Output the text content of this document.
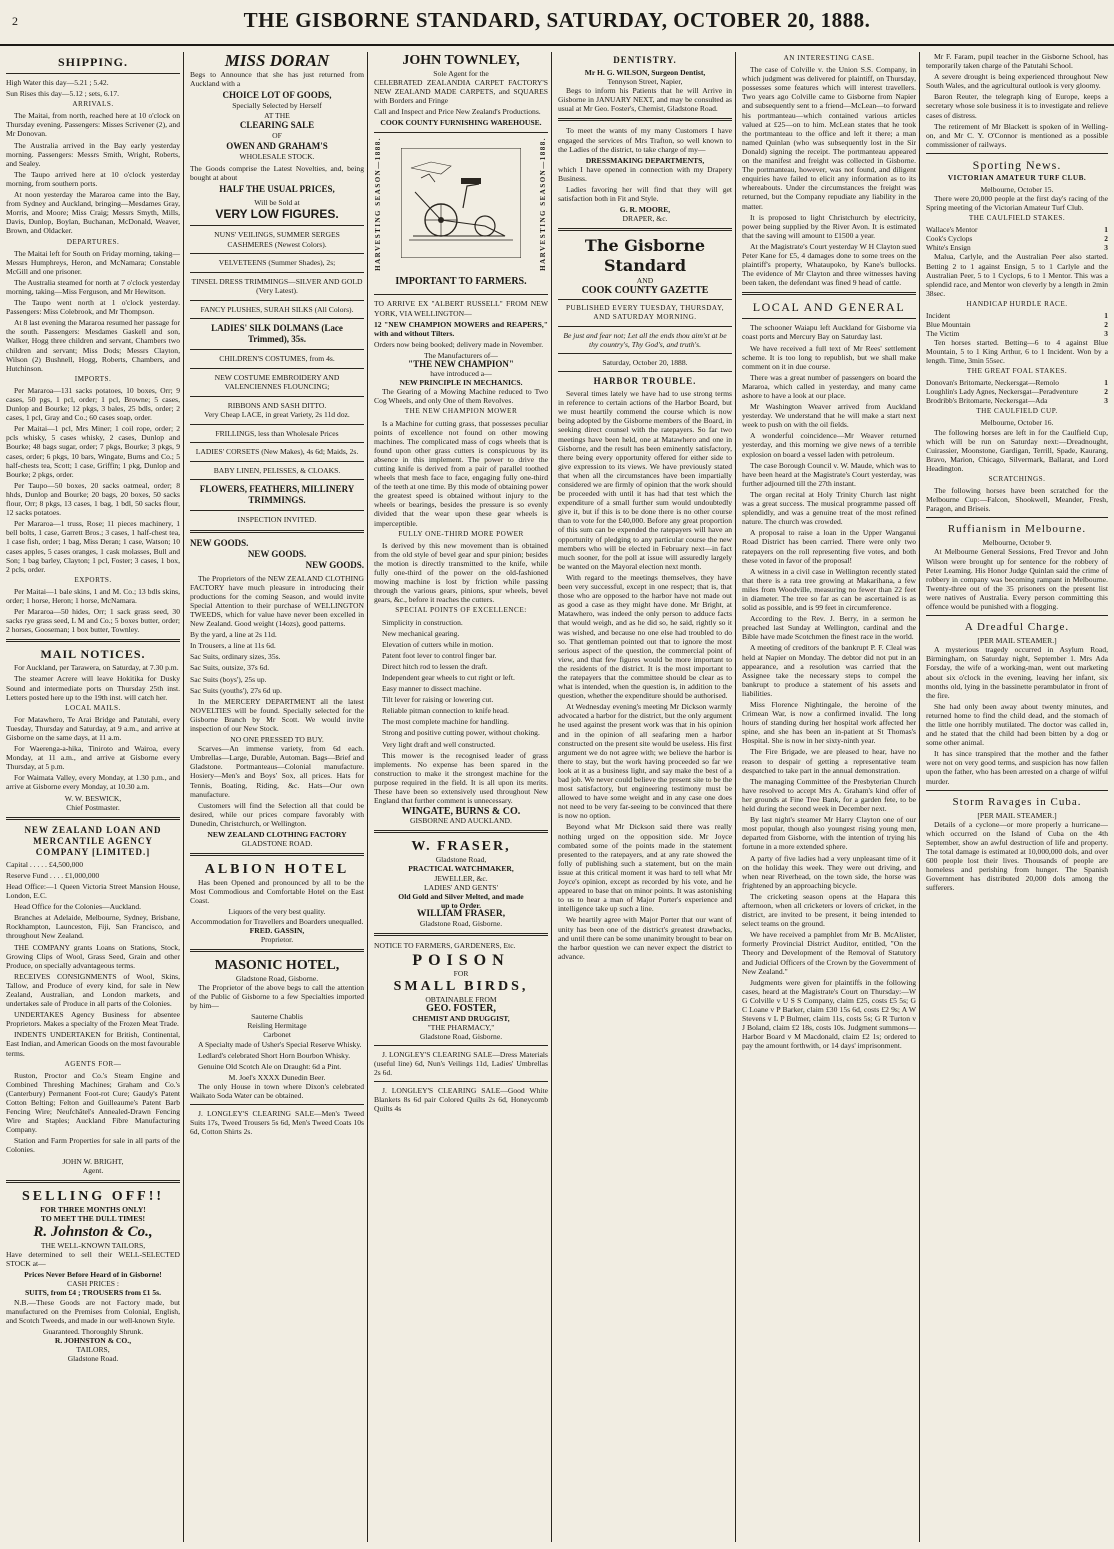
2	THE GISBORNE STANDARD, SATURDAY, OCTOBER 20, 1888.
SHIPPING.

High Water this day—5.21 ; 5.42.

Sun Rises this day—5.12 ; sets, 6.17.

ARRIVALS.

The Maitai, from north, reached here at 10 o'clock on Thursday evening. Passengers: Misses Scrivener (2), and Mr Donovan.

The Australia arrived in the Bay early yesterday morning. Passengers: Messrs Smith, Wright, Roberts, and Sealey.

The Taupo arrived here at 10 o'clock yesterday morning, from southern ports.

At noon yesterday the Mararoa came into the Bay, from Sydney and Auckland, bringing—Mesdames Gray, Morris, and Moore; Miss Craig; Messrs Smyth, Mills, Davis, Dunlop, Boylan, Buchanan, McDonald, Weaver, Brown, and Oldacker.

DEPARTURES.

The Maitai left for South on Friday morning, taking—Messrs Humphreys, Heron, and McNamara; Constable McGill and one prisoner.

The Australia steamed for north at 7 o'clock yesterday morning, taking—Miss Ferguson, and Mr Hewitson.

The Taupo went north at 1 o'clock yesterday. Passengers: Miss Colebrook, and Mr Thompson.

At 8 last evening the Mararoa resumed her passage for the south. Passengers: Mesdames Gaskell and son, Walker, Hogg three children and servant, Chambers two children and servant; Miss Dods; Messrs Clayton, Wilson (2) Bushnell, Hogg, Roberts, Chambers, and Hutchinson.

IMPORTS.

Per Mararoa—131 sacks potatoes, 10 boxes, Orr; 9 cases, 50 pgs, 1 pcl, order; 1 pcl, Browne; 5 cases, Dunlop and Bourke; 12 pkgs, 3 bales, 25 bdls, order; 2 cases, 1 pcl, Gray and Co.; 60 cases soap, order.

Per Maitai—1 pcl, Mrs Miner; 1 coil rope, order; 2 pcls whisky, 5 cases whisky, 2 cases, Dunlop and Bourke; 48 bags sugar, order; 7 pkgs, Bourke; 3 pkgs, 9 cases, order; 6 pkgs, 10 bars, Wingate, Burns and Co.; 5 half-chests tea, Scott; 1 case, Griffin; 1 pkg, Dunlop and Bourke; 2 pkgs, order.

Per Taupo—50 boxes, 20 sacks oatmeal, order; 8 hhds, Dunlop and Bourke; 20 bags, 20 boxes, 50 sacks flour, Orr; 8 pkgs, 13 cases, 1 bag, 1 bdl, 50 sacks flour, 12 sacks potatoes.

Per Mararoa—1 truss, Rose; 11 pieces machinery, 1 bell bolts, 1 case, Garrett Bros.; 3 cases, 1 half-chest tea, 1 case fish, order; 1 bag, Miss Deran; 1 case, Watson; 10 cases apples, 5 cases oranges, 1 cask molasses, Bull and Son; 1 bag barley, Clayton; 1 pcl, Foster; 3 cases, 1 box, 2 pcls, order.

EXPORTS.

Per Maitai—1 bale skins, 1 and M. Co.; 13 bdls skins, order; 1 horse, Heron; 1 horse, McNamara.

Per Mararoa—50 hides, Orr; 1 sack grass seed, 30 sacks rye grass seed, L M and Co.; 5 boxes butter, order; 2 horses, Gooseman; 1 box butter, Townley.

MAIL NOTICES.

For Auckland, per Tarawera, on Saturday, at 7.30 p.m.

The steamer Acrere will leave Hokitika for Dusky Sound and intermediate ports on Thursday 25th inst. Letters posted here up to the 19th inst. will catch her.

LOCAL MAILS.

For Matawhero, Te Arai Bridge and Patutahi, every Tuesday, Thursday and Saturday, at 9 a.m., and arrive at Gisborne on the same days, at 11 a.m.

For Waerenga-a-hika, Tiniroto and Wairoa, every Monday, at 11 a.m., and arrive at Gisborne every Thursday, at 5 p.m.

For Waimata Valley, every Monday, at 1.30 p.m., and arrive at Gisborne every Monday, at 10.30 a.m.

W. W. BESWICK,
Chief Postmaster.
NEW ZEALAND LOAN AND MERCANTILE AGENCY COMPANY [LIMITED.]

Capital . . . . . £4,500,000

Reserve Fund . . . . £1,000,000

Head Office:—1 Queen Victoria Street Mansion House, London, E.C.

Head Office for the Colonies—Auckland.

Branches at Adelaide, Melbourne, Sydney, Brisbane, Rockhampton, Launceston, Fiji, San Francisco, and throughout New Zealand.

THE COMPANY grants Loans on Stations, Stock, Growing Clips of Wool, Grass Seed, Grain and other Produce, on specially advantageous terms.

RECEIVES CONSIGNMENTS of Wool, Skins, Tallow, and Produce of every kind, for sale in New Zealand, Australian, and London markets, and undertakes sale of Produce in all parts of the Colonies.

UNDERTAKES Agency Business for absentee Proprietors. Makes a specialty of the Frozen Meat Trade.

INDENTS UNDERTAKEN for British, Continental, East Indian, and American Goods on the most favourable terms.

AGENTS FOR—

Ruston, Proctor and Co.'s Steam Engine and Combined Threshing Machines; Graham and Co.'s (Canterbury) Permanent Foot-rot Cure; Gaudy's Patent Cotton Belting; Felton and Guilleaume's Patent Barb Fencing Wire; Neufchâtel's Annealed-Drawn Fencing Wire and Staples; Auckland Fibre Manufacturing Company.

Station and Farm Properties for sale in all parts of the Colonies.

JOHN W. BRIGHT,
Agent.
SELLING OFF!!
FOR THREE MONTHS ONLY!
TO MEET THE DULL TIMES!
R. Johnston & Co.,
THE WELL-KNOWN TAILORS,

Have determined to sell their WELL-SELECTED STOCK at—

Prices Never Before Heard of in Gisborne!
CASH PRICES :
SUITS, from £4 ; TROUSERS from £1 5s.

N.B.—These Goods are not Factory made, but manufactured on the Premises from Colonial, English, and Scotch Tweeds, and made in our well-known Style.

Guaranteed. Thoroughly Shrunk.
R. JOHNSTON & CO.,
TAILORS,
Gladstone Road.
MISS DORAN

Begs to Announce that she has just returned from Auckland with a

CHOICE LOT OF GOODS,
Specially Selected by Herself
AT THE
CLEARING SALE
OF
OWEN AND GRAHAM'S
WHOLESALE STOCK.

The Goods comprise the Latest Novelties, and, being bought at about

HALF THE USUAL PRICES,
Will be Sold at
VERY LOW FIGURES.
NUNS' VEILINGS, SUMMER SERGES
CASHMERES (Newest Colors).
VELVETEENS (Summer Shades), 2s;
TINSEL DRESS TRIMMINGS—SILVER AND GOLD (Very Latest).
FANCY PLUSHES, SURAH SILKS (All Colors).
LADIES' SILK DOLMANS (Lace Trimmed), 35s.
CHILDREN'S COSTUMES, from 4s.
NEW COSTUME EMBROIDERY AND VALENCIENNES FLOUNCING;
RIBBONS AND SASH DITTO.
Very Cheap LACE, in great Variety, 2s 11d doz.
FRILLINGS, less than Wholesale Prices
LADIES' CORSETS (New Makes), 4s 6d; Maids, 2s.
BABY LINEN, PELISSES, & CLOAKS.
FLOWERS, FEATHERS, MILLINERY TRIMMINGS.
INSPECTION INVITED.
NEW GOODS.
NEW GOODS.
NEW GOODS.

The Proprietors of the NEW ZEALAND CLOTHING FACTORY have much pleasure in introducing their productions for the coming Season, and would invite Special Attention to their purchase of WELLINGTON TWEEDS, which for value have never been excelled in New Zealand. Good weight (14ozs), good patterns.

By the yard, a line at 2s 11d.

In Trousers, a line at 11s 6d.

Sac Suits, ordinary sizes, 35s.

Sac Suits, outsize, 37s 6d.

Sac Suits (boys'), 25s up.

Sac Suits (youths'), 27s 6d up.

In the MERCERY DEPARTMENT all the latest NOVELTIES will be found. Specially selected for the Gisborne Branch by Mr Scott. We would invite inspection of our New Stock.

NO ONE PRESSED TO BUY.

Scarves—An immense variety, from 6d each. Umbrellas—Large, Durable, Automan. Bags—Brief and Gladstone. Portmanteaus—Colonial manufacture. Hosiery—Men's and Boys' Sox, all prices. Hats for Tennis, Boating, Riding, &c. Hats—Our own manufacture.

Customers will find the Selection all that could be desired, while our prices compare favorably with Dunedin, Christchurch, or Wellington.

NEW ZEALAND CLOTHING FACTORY
GLADSTONE ROAD.
ALBION HOTEL

Has been Opened and pronounced by all to be the Most Commodious and Comfortable Hotel on the East Coast.

Liquors of the very best quality.
Accommodation for Travellers and Boarders unequalled.
FRED. GASSIN,
Proprietor.
MASONIC HOTEL,
Gladstone Road, Gisborne.

The Proprietor of the above begs to call the attention of the Public of Gisborne to a few Specialties imported by him—

Sauterne Chablis
Reisling Hermitage
Carbonet

A Specialty made of Usher's Special Reserve Whisky.

Ledlard's celebrated Short Horn Bourbon Whisky.

Genuine Old Scotch Ale on Draught: 6d a Pint.

M. Joel's XXXX Dunedin Beer.

The only House in town where Dixon's celebrated Waikato Soda Water can be obtained.

J. LONGLEY'S CLEARING SALE—Men's Tweed Suits 17s, Tweed Trousers 5s 6d, Men's Tweed Coats 10s 6d, Cotton Shirts 2s.

JOHN TOWNLEY,
Sole Agent for the

CELEBRATED ZEALANDIA CARPET FACTORY'S NEW ZEALAND MADE CARPETS, and SQUARES with Borders and Fringe

Call and Inspect and Price New Zealand's Productions.

COOK COUNTY FURNISHING WAREHOUSE.
HARVESTING SEASON—1888.	HARVESTING SEASON—1888.
IMPORTANT TO FARMERS.

TO ARRIVE EX "ALBERT RUSSELL" FROM NEW YORK, VIA WELLINGTON—

12 "NEW CHAMPION MOWERS and REAPERS," with and without Tilters.

Orders now being booked; delivery made in November.

The Manufacturers of—
"THE NEW CHAMPION"
have introduced a—
NEW PRINCIPLE IN MECHANICS.

The Gearing of a Mowing Machine reduced to Two Cog Wheels, and only One of them Revolves.

THE NEW CHAMPION MOWER

Is a Machine for cutting grass, that possesses peculiar points of excellence not found on other mowing machines. The complicated mass of cogs wheels that is found upon other grass cutters is conspicuous by its absence in this implement. The power to drive the cutting knife is derived from a pair of parallel toothed wheels that mesh face to face, engaging fully one-third of the teeth at one time. By this mode of obtaining power the greatest speed is obtained without injury to the wheels or bearings, besides the pressure is so evenly divided that the wear upon these gear wheels is imperceptible.

FULLY ONE-THIRD MORE POWER

Is derived by this new movement than is obtained from the old style of bevel gear and spur pinion; besides the motion is directly transmitted to the knife, while fully one-third of the power on the old-fashioned mowing machine is lost by friction while passing through the various gears, pinions, spur wheels, bevel gears, &c., before it reaches the cutters.

SPECIAL POINTS OF EXCELLENCE:

Simplicity in construction.

New mechanical gearing.

Elevation of cutters while in motion.

Patent foot lever to control finger bar.

Direct hitch rod to lessen the draft.

Independent gear wheels to cut right or left.

Easy manner to dissect machine.

Tilt lever for raising or lowering cut.

Reliable pitman connection to knife head.

The most complete machine for handling.

Strong and positive cutting power, without choking.

Very light draft and well constructed.

This mower is the recognised leader of grass implements. No expense has been spared in the construction to make it the strongest machine for the purpose required in the field. It is all upon its merits. These have been so extensively used throughout New England that further comment is unnecessary.

WINGATE, BURNS & CO.
GISBORNE AND AUCKLAND.
W. FRASER,
Gladstone Road,
PRACTICAL WATCHMAKER,
JEWELLER, &c.
LADIES' AND GENTS'
Old Gold and Silver Melted, and made
up to Order.
WILLIAM FRASER,
Gladstone Road, Gisborne.

NOTICE TO FARMERS, GARDENERS, Etc.

POISON
FOR
SMALL BIRDS,
OBTAINABLE FROM
GEO. FOSTER,
CHEMIST AND DRUGGIST,
"THE PHARMACY,"
Gladstone Road, Gisborne.

J. LONGLEY'S CLEARING SALE—Dress Materials (useful line) 6d, Nun's Veilings 11d, Ladies' Umbrellas 2s 6d.

J. LONGLEY'S CLEARING SALE—Good White Blankets 8s 6d pair Colored Quilts 2s 6d, Honeycomb Quilts 4s

DENTISTRY.
Mr H. G. WILSON, Surgeon Dentist,
Tennyson Street, Napier,

Begs to inform his Patients that he will Arrive in Gisborne in JANUARY NEXT, and may be consulted as usual at Mr Geo. Foster's, Chemist, Gladstone Road.

To meet the wants of my many Customers I have engaged the services of Mrs Trafton, so well known to the Ladies of the district, to take charge of my—

DRESSMAKING DEPARTMENTS,

which I have opened in connection with my Drapery Business.

Ladies favoring her will find that they will get satisfaction both in Fit and Style.

G. R. MOORE,
DRAPER, &c.
The Gisborne Standard
AND
COOK COUNTY GAZETTE
PUBLISHED EVERY TUESDAY, THURSDAY, AND SATURDAY MORNING.
Be just and fear not; Let all the ends thou aim'st at be thy country's, Thy God's, and truth's.
Saturday, October 20, 1888.
HARBOR TROUBLE.

Several times lately we have had to use strong terms in reference to certain actions of the Harbor Board, but we must heartily commend the course which is now being adopted by the Gisborne members of the Board, in seeking direct counsel with the ratepayers. So far two meetings have been held, one at Matawhero and one in Gisborne, and the result has been eminently satisfactory, there being every opportunity offered for either side to give expression to its views. We have previously stated that when all the circumstances have been impartially considered we are firmly of opinion that the work should be proceeded with until it has had that test which the expenditure of a small further sum would undoubtedly give it, but if this is to be done there is no other course than to vote for the £40,000. Before any great proportion of this sum can be expended the ratepayers will have an opportunity of pledging to any particular course the new members who will be elected in February next—in fact much sooner, for the poll at issue will assuredly largely be wanted on the Mayoral election next month.

With regard to the meetings themselves, they have been very successful, except in one respect; that is, that those who are opposed to the harbor have not made out as good a case as they might have done. Mr Bright, at Matawhero, was indeed the only person to adduce facts that would weigh, and as he did so, he said, rightly so it was wished, and because no one else had troubled to do so. That gentleman pointed out that to ignore the most serious aspect of the question, the commercial point of view, and that few figures would be more important to the residents of the district. It is the most important to the ratepayers that the committee should be clear as to what is intended, when the question is, in addition to the question, whether the expenditure should be authorised.

At Wednesday evening's meeting Mr Dickson warmly advocated a harbor for the district, but the only argument he used against the present work was that in his opinion and in the opinion of all seafaring men a harbor constructed on the present site would be useless. His first argument we do not agree with; we believe the harbor is there to stay, but the work having proceeded so far we look at it as a business light, and say make the best of a bad job. We never could believe the present site to be the most satisfactory, but engineering testimony must be allowed to have some weight and in any case one does not need to be very far-seeing to be convinced that there is now no option.

Beyond what Mr Dickson said there was really nothing urged on the opposition side. Mr Joyce combated some of the points made in the statement presented to the ratepayers, and at any rate showed the folly of publishing such a statement, but on the main issue at this critical moment it was hard to tell what Mr Joyce's opinion, except as recorded by his vote, and he appeared to base that on minor points. It was astonishing to us to hear a man of Major Porter's experience and intelligence take up such a line.

We heartily agree with Major Porter that our want of unity has been one of the district's greatest drawbacks, and until there can be some unanimity brought to bear on the harbor question we can never expect the district to advance.

AN INTERESTING CASE.

The case of Colville v. the Union S.S. Company, in which judgment was delivered for plaintiff, on Thursday, possesses some features which will interest travellers. Two years ago Colville came to Gisborne from Napier and subsequently sent to a friend—McLean—to forward his portmanteau—which contained various articles valued at £25—on to him. McLean states that he took the portmanteau to the office and left it there; a man named Quinlan (who was subsequently lost in the Sir Donald) signing the receipt. The portmanteau appeared on the manifest and freight was collected in Gisborne. The portmanteau, however, was not found, and diligent enquiries have failed to elicit any information as to its whereabouts. Under the circumstances the freight was returned, but the Company repudiate any liability in the matter.

It is proposed to light Christchurch by electricity, power being supplied by the River Avon. It is estimated that the saving will amount to £1500 a year.

At the Magistrate's Court yesterday W H Clayton sued Peter Kane for £5, 4 damages done to some trees on the plaintiff's property, Whataupoko, by Kane's bullocks. The evidence of Mr Clayton and three witnesses having been taken, the defendant was fined 9 head of cattle.

LOCAL AND GENERAL

The schooner Waiapu left Auckland for Gisborne via coast ports and Mercury Bay on Saturday last.

We have received a full text of Mr Rees' settlement scheme. It is too long to republish, but we shall make comment on it in due course.

There was a great number of passengers on board the Mararoa, which called in yesterday, and many came ashore to have a look at our place.

Mr Washington Weaver arrived from Auckland yesterday. We understand that he will make a start next week to push on with the oil fields.

A wonderful coincidence—Mr Weaver returned yesterday, and this morning we give news of a terrible explosion on board a vessel laden with petroleum.

The case Borough Council v. W. Maude, which was to have been heard at the Magistrate's Court yesterday, was further adjourned till the 27th instant.

The organ recital at Holy Trinity Church last night was a great success. The musical programme passed off splendidly, and was a genuine treat of the most refined nature. The church was crowded.

A proposal to raise a loan in the Upper Wanganui Road District has been carried. There were only two ratepayers on the roll representing five votes, and both these voted in favor of the proposal!

A witness in a civil case in Wellington recently stated that there is a rata tree growing at Makarihana, a few miles from Woodville, measuring no fewer than 22 feet in diameter. The tree so far as can be ascertained is as solid as possible, and is 99 feet in circumference.

According to the Rev. J. Berry, in a sermon he preached last Sunday at Wellington, cardinal and the Bible have made Scotchmen the finest race in the world.

A meeting of creditors of the bankrupt P. F. Cleal was held at Napier on Monday. The debtor did not put in an appearance, and a resolution was carried that the Assignee take the necessary steps to compel the bankrupt to produce a statement of his assets and liabilities.

Miss Florence Nightingale, the heroine of the Crimean War, is now a confirmed invalid. The long hours of standing during her hospital work affected her spine, and she has been an in-patient at St Thomas's Hospital. She is now in her sixty-ninth year.

The Fire Brigade, we are pleased to hear, have no reason to despair of getting a representative team despatched to take part in the annual demonstration.

The managing Committee of the Presbyterian Church have resolved to accept Mrs A. Graham's kind offer of her grounds at Fine Tree Bank, for a garden fete, to be held during the second week in December next.

By last night's steamer Mr Harry Clayton one of our most popular, though also youngest rising young men, departed from Gisborne, with the intention of trying his fortune in a more extended sphere.

A party of five ladies had a very unpleasant time of it on the holiday this week. They were out driving, and when near Riverhead, on the town side, the horse was frightened by an approaching bicycle.

The cricketing season opens at the Hapara this afternoon, when all cricketers or lovers of cricket, in the district, are invited to be present, it being intended to select teams on the ground.

We have received a pamphlet from Mr B. McAlister, formerly Provincial District Auditor, entitled, "On the Theory and Development of the Removal of Statutory and Judicial Officers of the Crown by the Government of New Zealand."

Judgments were given for plaintiffs in the following cases, heard at the Magistrate's Court on Thursday:—W G Colville v U S S Company, claim £25, costs £5 5s; G C Loane v P Barker, claim £30 15s 6d, costs £2 9s; A W Stevens v L P Bulmer, claim 11s, costs 5s; G R Turton v J Boland, claim £2 18s, costs 10s. Judgment summons—Harbor Board v M Macdonald, claim £2 1s; ordered to pay the amount forthwith, or 14 days' imprisonment.

Mr F. Faram, pupil teacher in the Gisborne School, has temporarily taken charge of the Patutahi School.

A severe drought is being experienced throughout New South Wales, and the agricultural outlook is very gloomy.

Baron Reuter, the telegraph king of Europe, keeps a secretary whose sole business it is to investigate and relieve cases of distress.

The retirement of Mr Blackett is spoken of in Welling-on, and Mr C. Y. O'Connor is mentioned as a possible commissioner of railways.

Sporting News.
VICTORIAN AMATEUR TURF CLUB.
Melbourne, October 15.

There were 20,000 people at the first day's racing of the Spring meeting of the Victorian Amateur Turf Club.

THE CAULFIELD STAKES.
Wallace's Mentor	1
Cook's Cyclops	2
White's Ensign	3

Malua, Carlyle, and the Australian Peer also started. Betting 2 to 1 against Ensign, 5 to 1 Carlyle and the Australian Peer, 5 to 1 Cyclops, 6 to 1 Mentor. This was a splendid race, and Mentor won cleverly by a length in 2min 38sec.

HANDICAP HURDLE RACE.
Incident	1
Blue Mountain	2
The Victim	3

Ten horses started. Betting—6 to 4 against Blue Mountain, 5 to 1 King Arthur, 6 to 1 Incident. Won by a length. Time, 3min 55sec.

THE GREAT FOAL STAKES.
Donovan's Britomarte, Neckersgat—Remolo	1
Loughlin's Lady Agnes, Neckersgat—Peradventure	2
Brodribb's Britomarte, Neckersgat—Ada	3
THE CAULFIELD CUP.
Melbourne, October 16.

The following horses are left in for the Caulfield Cup, which will be run on Saturday next:—Dreadnought, Cuirassier, Moonstone, Gardigan, Terrill, Spade, Kaurang, Bravo, Marion, Chicago, Silvermark, Ballarat, and Lord Headington.

SCRATCHINGS.

The following horses have been scratched for the Melbourne Cup:—Falcon, Shookwell, Meander, Fresh, Paragon, and Briseis.

Ruffianism in Melbourne.
Melbourne, October 9.

At Melbourne General Sessions, Fred Trevor and John Wilson were brought up for sentence for the robbery of Peter Leaming. His Honor Judge Quinlan said the crime of robbery in company was becoming rampant in Melbourne. Twenty-three out of the 35 prisoners on the present list were natives of Australia. Every person committing this offence would be punished with a flogging.

A Dreadful Charge.
[PER MAIL STEAMER.]

A mysterious tragedy occurred in Asylum Road, Birmingham, on Saturday night, September 1. Mrs Ada Forsday, the wife of a working-man, went out marketing about six o'clock in the evening, leaving her infant, six months old, lying in the bassinette perambulator in front of the fire.

She had only been away about twenty minutes, and returned home to find the child dead, and the stomach of the little one horribly mutilated. The doctor was called in, and he stated that the child had been bitten by a dog or some other animal.

It has since transpired that the mother and the father were not on very good terms, and suspicion has now fallen upon the father, who has been arrested on a charge of wilful murder.

Storm Ravages in Cuba.
[PER MAIL STEAMER.]

Details of a cyclone—or more properly a hurricane—which occurred on the Island of Cuba on the 4th September, show an awful destruction of life and property. The total damage is estimated at 10,000,000 dols, and over 600 people lost their lives. Thousands of people are homeless and perishing from hunger. The Spanish Government has distributed 20,000 dols among the sufferers.
